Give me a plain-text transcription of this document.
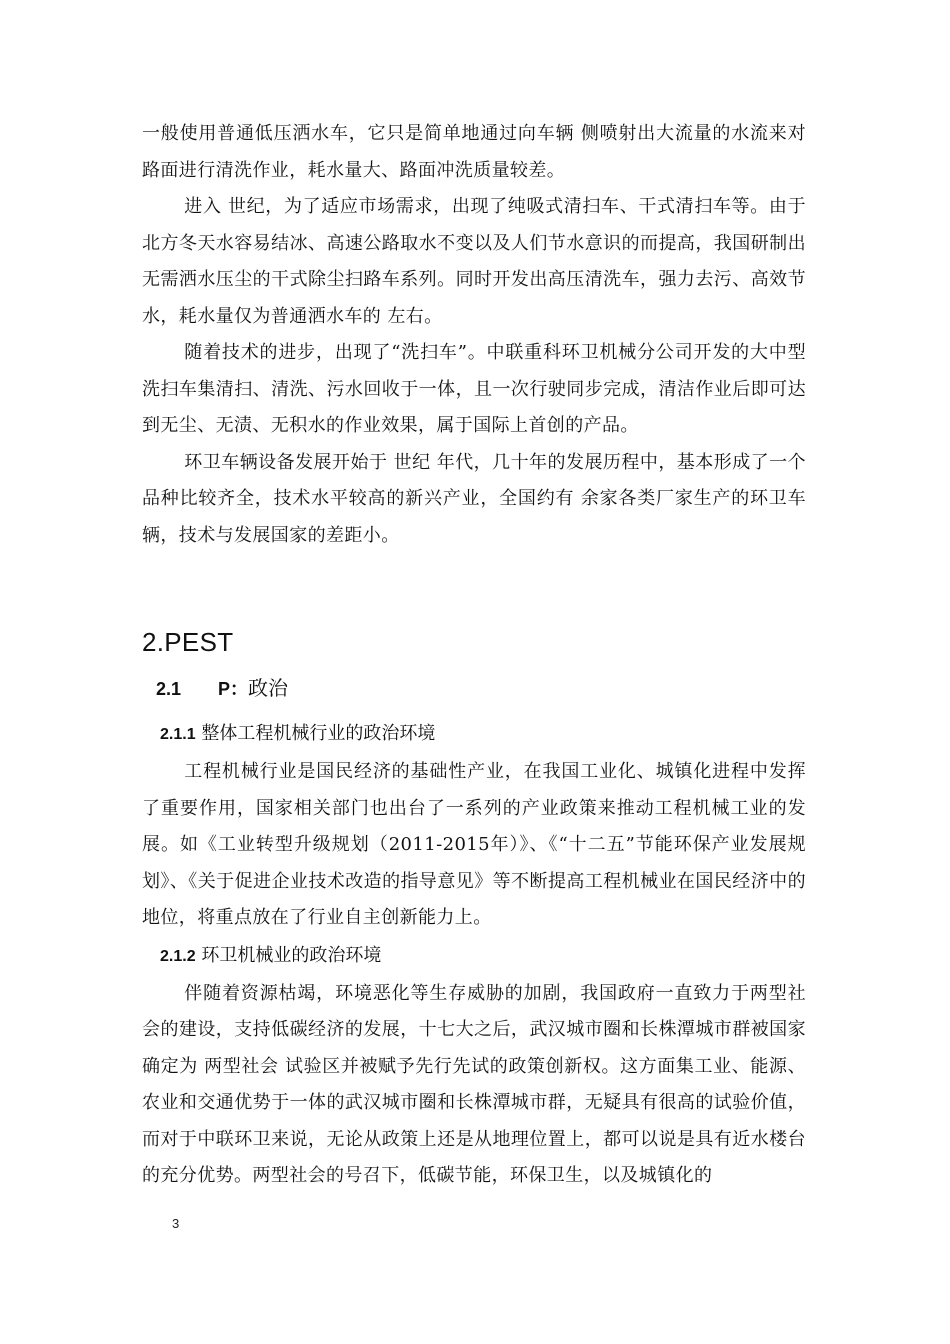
一般使用普通低压洒水车，它只是简单地通过向车辆 侧喷射出大流量的水流来对路面进行清洗作业，耗水量大、路面冲洗质量较差。

进入 世纪，为了适应市场需求，出现了纯吸式清扫车、干式清扫车等。由于北方冬天水容易结冰、高速公路取水不变以及人们节水意识的而提高，我国研制出无需洒水压尘的干式除尘扫路车系列。同时开发出高压清洗车，强力去污、高效节水，耗水量仅为普通洒水车的 左右。

随着技术的进步，出现了“洗扫车”。中联重科环卫机械分公司开发的大中型洗扫车集清扫、清洗、污水回收于一体，且一次行驶同步完成，清洁作业后即可达到无尘、无渍、无积水的作业效果，属于国际上首创的产品。

环卫车辆设备发展开始于 世纪 年代，几十年的发展历程中，基本形成了一个品种比较齐全，技术水平较高的新兴产业，全国约有 余家各类厂家生产的环卫车辆，技术与发展国家的差距小。

2.PEST
2.1 P：政治
2.1.1 整体工程机械行业的政治环境

工程机械行业是国民经济的基础性产业，在我国工业化、城镇化进程中发挥了重要作用，国家相关部门也出台了一系列的产业政策来推动工程机械工业的发展。如《工业转型升级规划（2011-2015年）》、《“十二五”节能环保产业发展规划》、《关于促进企业技术改造的指导意见》等不断提高工程机械业在国民经济中的地位，将重点放在了行业自主创新能力上。

2.1.2 环卫机械业的政治环境

伴随着资源枯竭，环境恶化等生存威胁的加剧，我国政府一直致力于两型社会的建设，支持低碳经济的发展，十七大之后，武汉城市圈和长株潭城市群被国家确定为 两型社会 试验区并被赋予先行先试的政策创新权。这方面集工业、能源、农业和交通优势于一体的武汉城市圈和长株潭城市群，无疑具有很高的试验价值，而对于中联环卫来说，无论从政策上还是从地理位置上，都可以说是具有近水楼台的充分优势。两型社会的号召下，低碳节能，环保卫生，以及城镇化的

3
